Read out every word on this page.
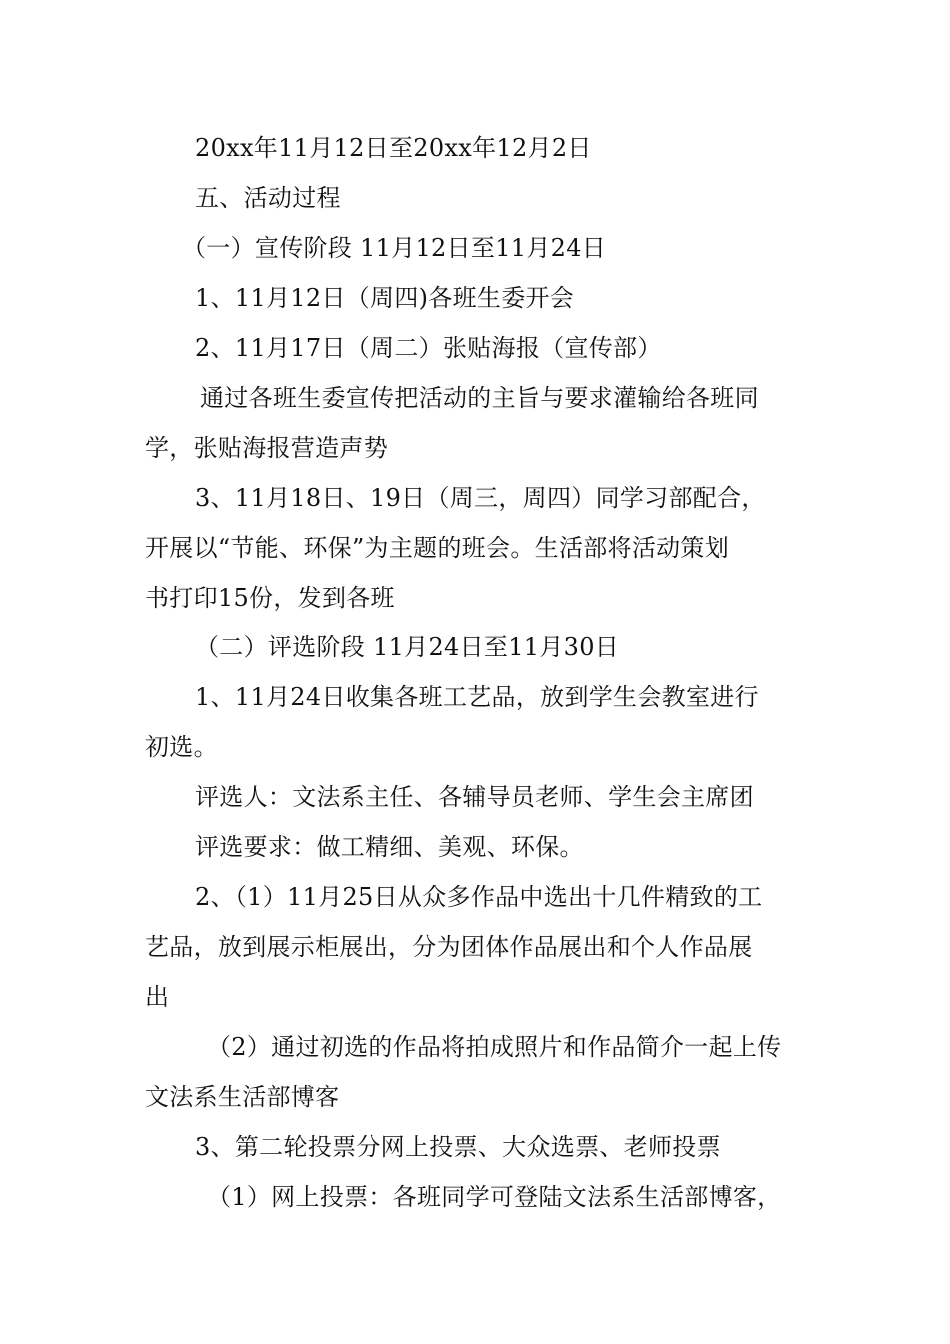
20xx年11月12日至20xx年12月2日
五、活动过程
（一）宣传阶段 11月12日至11月24日
1、11月12日（周四)各班生委开会
2、11月17日（周二）张贴海报（宣传部）
通过各班生委宣传把活动的主旨与要求灌输给各班同
学，张贴海报营造声势
3、11月18日、19日（周三，周四）同学习部配合，
开展以“节能、环保”为主题的班会。生活部将活动策划
书打印15份，发到各班
（二）评选阶段 11月24日至11月30日
1、11月24日收集各班工艺品，放到学生会教室进行
初选。
评选人：文法系主任、各辅导员老师、学生会主席团
评选要求：做工精细、美观、环保。
2、（1）11月25日从众多作品中选出十几件精致的工
艺品，放到展示柜展出，分为团体作品展出和个人作品展
出
（2）通过初选的作品将拍成照片和作品简介一起上传
文法系生活部博客
3、第二轮投票分网上投票、大众选票、老师投票
（1）网上投票：各班同学可登陆文法系生活部博客，
